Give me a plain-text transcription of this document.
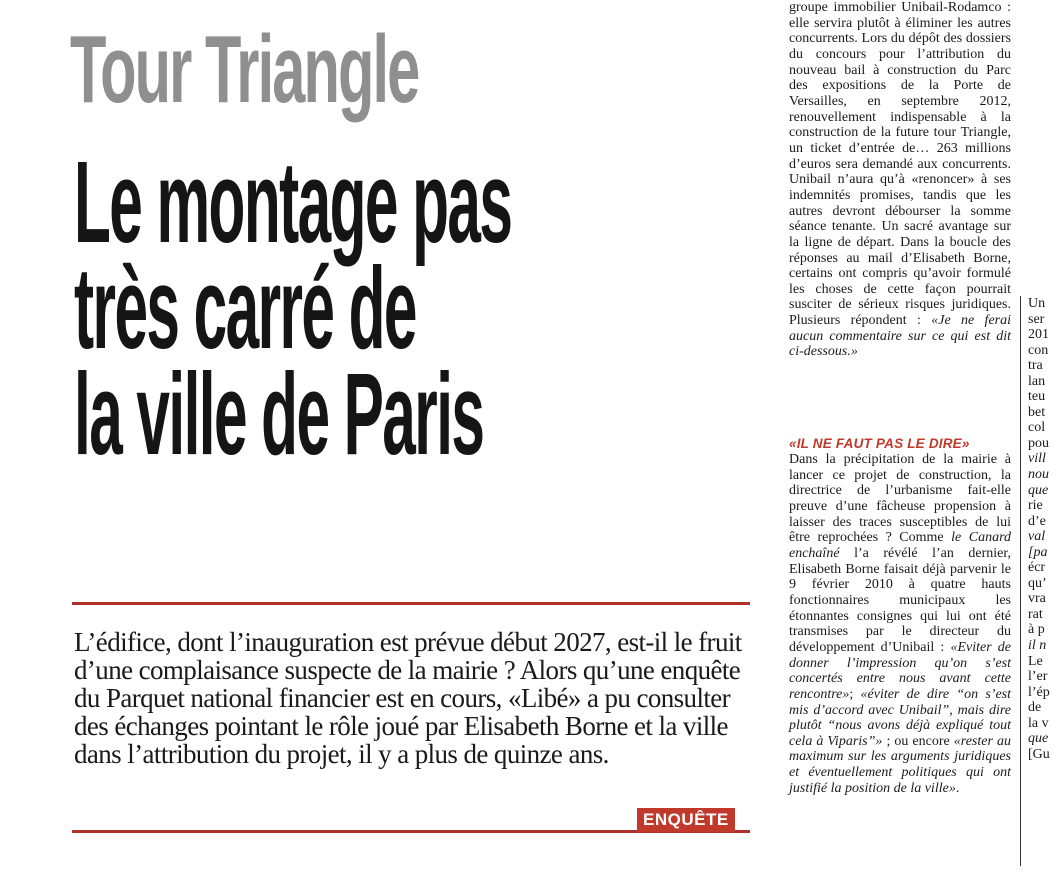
Tour Triangle
Le montage pas
très carré de
la ville de Paris
L’édifice, dont l’inauguration est prévue début 2027, est-il le fruit d’une complaisance suspecte de la mairie ? Alors qu’une enquête du Parquet national financier est en cours, «Libé» a pu consulter des échanges pointant le rôle joué par Elisabeth Borne et la ville dans l’attribution du projet, il y a plus de quinze ans.
ENQUÊTE

groupe immobilier Unibail-Rodamco : elle servira plutôt à éliminer les autres concurrents. Lors du dépôt des dossiers du concours pour l’attribution du nouveau bail à construction du Parc des expositions de la Porte de Versailles, en septembre 2012, renouvellement indispensable à la construction de la future tour Triangle, un ticket d’entrée de… 263 millions d’euros sera demandé aux concurrents. Unibail n’aura qu’à «renoncer» à ses indemnités promises, tandis que les autres devront débourser la somme séance tenante. Un sacré avantage sur la ligne de départ. Dans la boucle des réponses au mail d’Elisabeth Borne, certains ont compris qu’avoir formulé les choses de cette façon pourrait susciter de sérieux risques juridiques. Plusieurs répondent : «Je ne ferai aucun commentaire sur ce qui est dit ci-dessous.»

«IL NE FAUT PAS LE DIRE»

Dans la précipitation de la mairie à lancer ce projet de construction, la directrice de l’urbanisme fait-elle preuve d’une fâcheuse propension à laisser des traces susceptibles de lui être reprochées ? Comme le Canard enchaîné l’a révélé l’an dernier, Elisabeth Borne faisait déjà parvenir le 9 février 2010 à quatre hauts fonctionnaires municipaux les étonnantes consignes qui lui ont été transmises par le directeur du développement d’Unibail : «Eviter de donner l’impression qu’on s’est concertés entre nous avant cette rencontre»; «éviter de dire “on s’est mis d’accord avec Unibail”, mais dire plutôt “nous avons déjà expliqué tout cela à Viparis”» ; ou encore «rester au maximum sur les arguments juridiques et éventuellement politiques qui ont justifié la position de la ville».

Un
ser
201
con
tra
lan
teu
bet
col
pou
vill
nou
que
rie
d’e
val
[pa
écr
qu’
vra
rat
à p
il n
Le
l’er
l’ép
de
la v
que
[Gu
